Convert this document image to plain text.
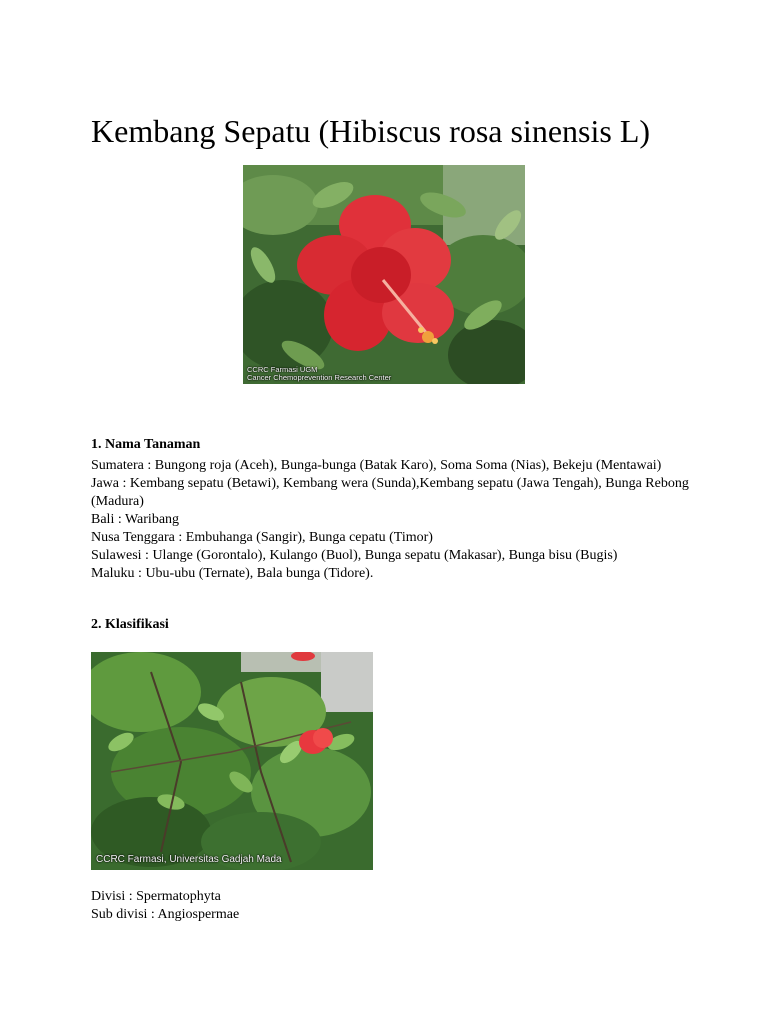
Kembang Sepatu (Hibiscus rosa sinensis L)
CCRC Farmasi UGM
Cancer Chemoprevention Research Center
1. Nama Tanaman

Sumatera : Bungong roja (Aceh), Bunga-bunga (Batak Karo), Soma Soma (Nias), Bekeju (Mentawai)

Jawa : Kembang sepatu (Betawi), Kembang wera (Sunda),Kembang sepatu (Jawa Tengah), Bunga Rebong (Madura)

Bali : Waribang

Nusa Tenggara : Embuhanga (Sangir), Bunga cepatu (Timor)

Sulawesi : Ulange (Gorontalo), Kulango (Buol), Bunga sepatu (Makasar), Bunga bisu (Bugis)

Maluku : Ubu-ubu (Ternate), Bala bunga (Tidore).

2. Klasifikasi
CCRC Farmasi, Universitas Gadjah Mada

Divisi : Spermatophyta

Sub divisi : Angiospermae
